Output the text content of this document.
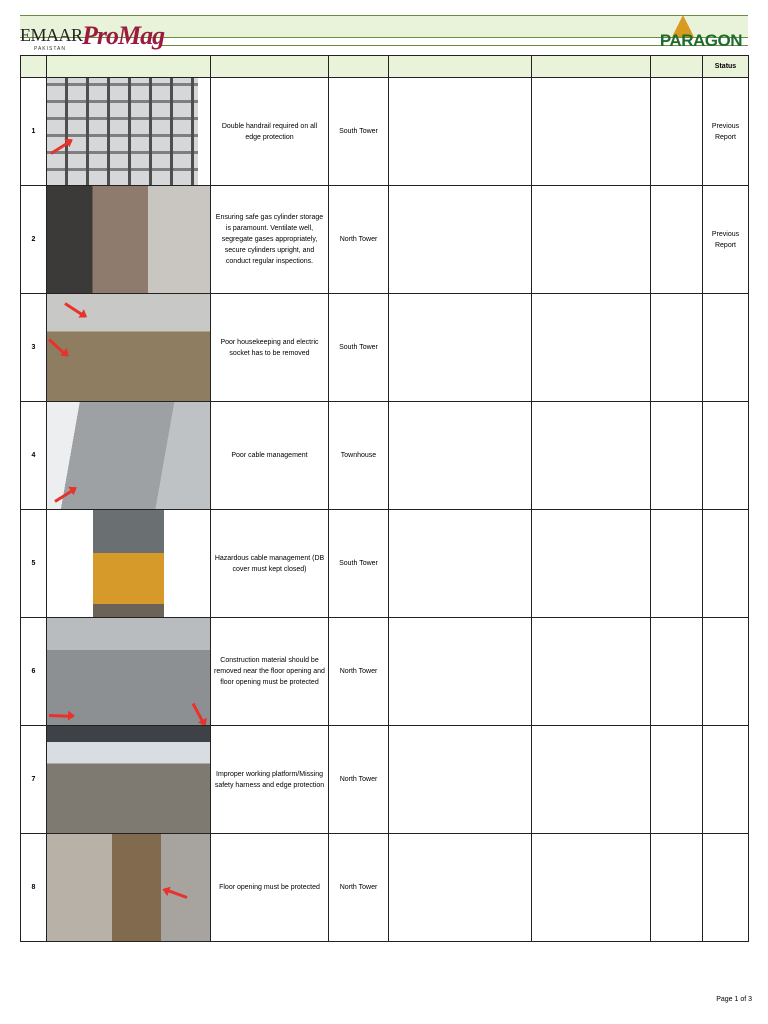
EMAAR
PAKISTAN ProMag	PARAGON
							Status
1		Double handrail required on all edge protection	South Tower				Previous Report
2		Ensuring safe gas cylinder storage is paramount. Ventilate well, segregate gases appropriately, secure cylinders upright, and conduct regular inspections.	North Tower				Previous Report
3		Poor housekeeping and electric socket has to be removed	South Tower				
4		Poor cable management	Townhouse				
5		Hazardous cable management (DB cover must kept closed)	South Tower				
6		Construction material should be removed near the floor opening and floor opening must be protected	North Tower				
7		Improper working platform/Missing safety harness and edge protection	North Tower				
8		Floor opening must be protected	North Tower				
Page 1 of 3
